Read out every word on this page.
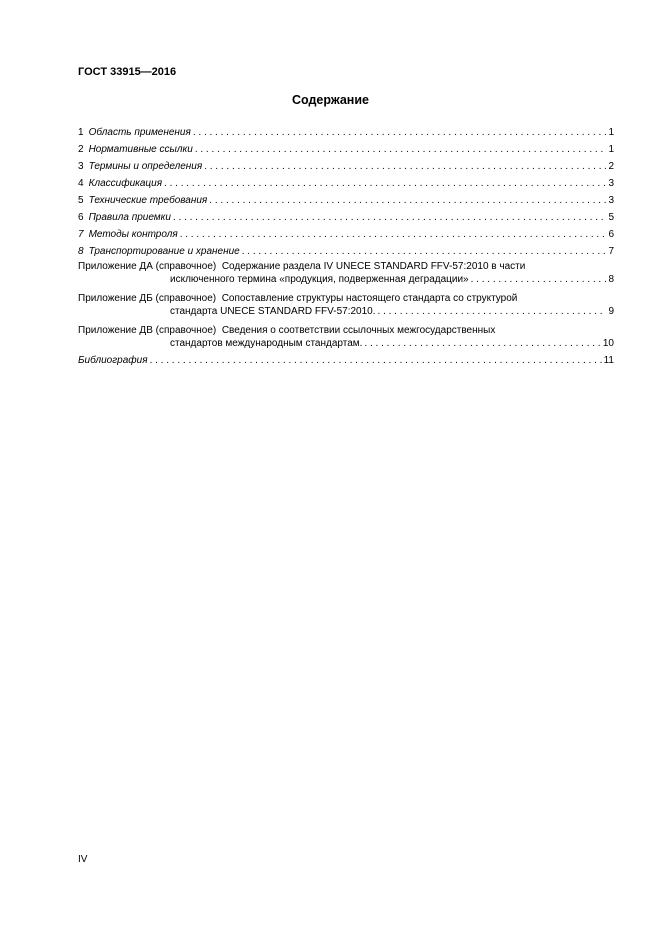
ГОСТ 33915—2016
Содержание
1 Область применения . . .	1
2 Нормативные ссылки . . .	1
3 Термины и определения . . .	2
4 Классификация . . .	3
5 Технические требования . . .	3
6 Правила приемки . . .	5
7 Методы контроля . . .	6
8 Транспортирование и хранение . . .	7
Приложение ДА (справочное) Содержание раздела IV UNECE STANDARD FFV-57:2010 в части
исключенного термина «продукция, подверженная деградации» . . .	8
Приложение ДБ (справочное) Сопоставление структуры настоящего стандарта со структурой
стандарта UNECE STANDARD FFV-57:2010. . . .	9
Приложение ДВ (справочное) Сведения о соответствии ссылочных межгосударственных
стандартов международным стандартам. . . .	10
Библиография . . .	11
IV
